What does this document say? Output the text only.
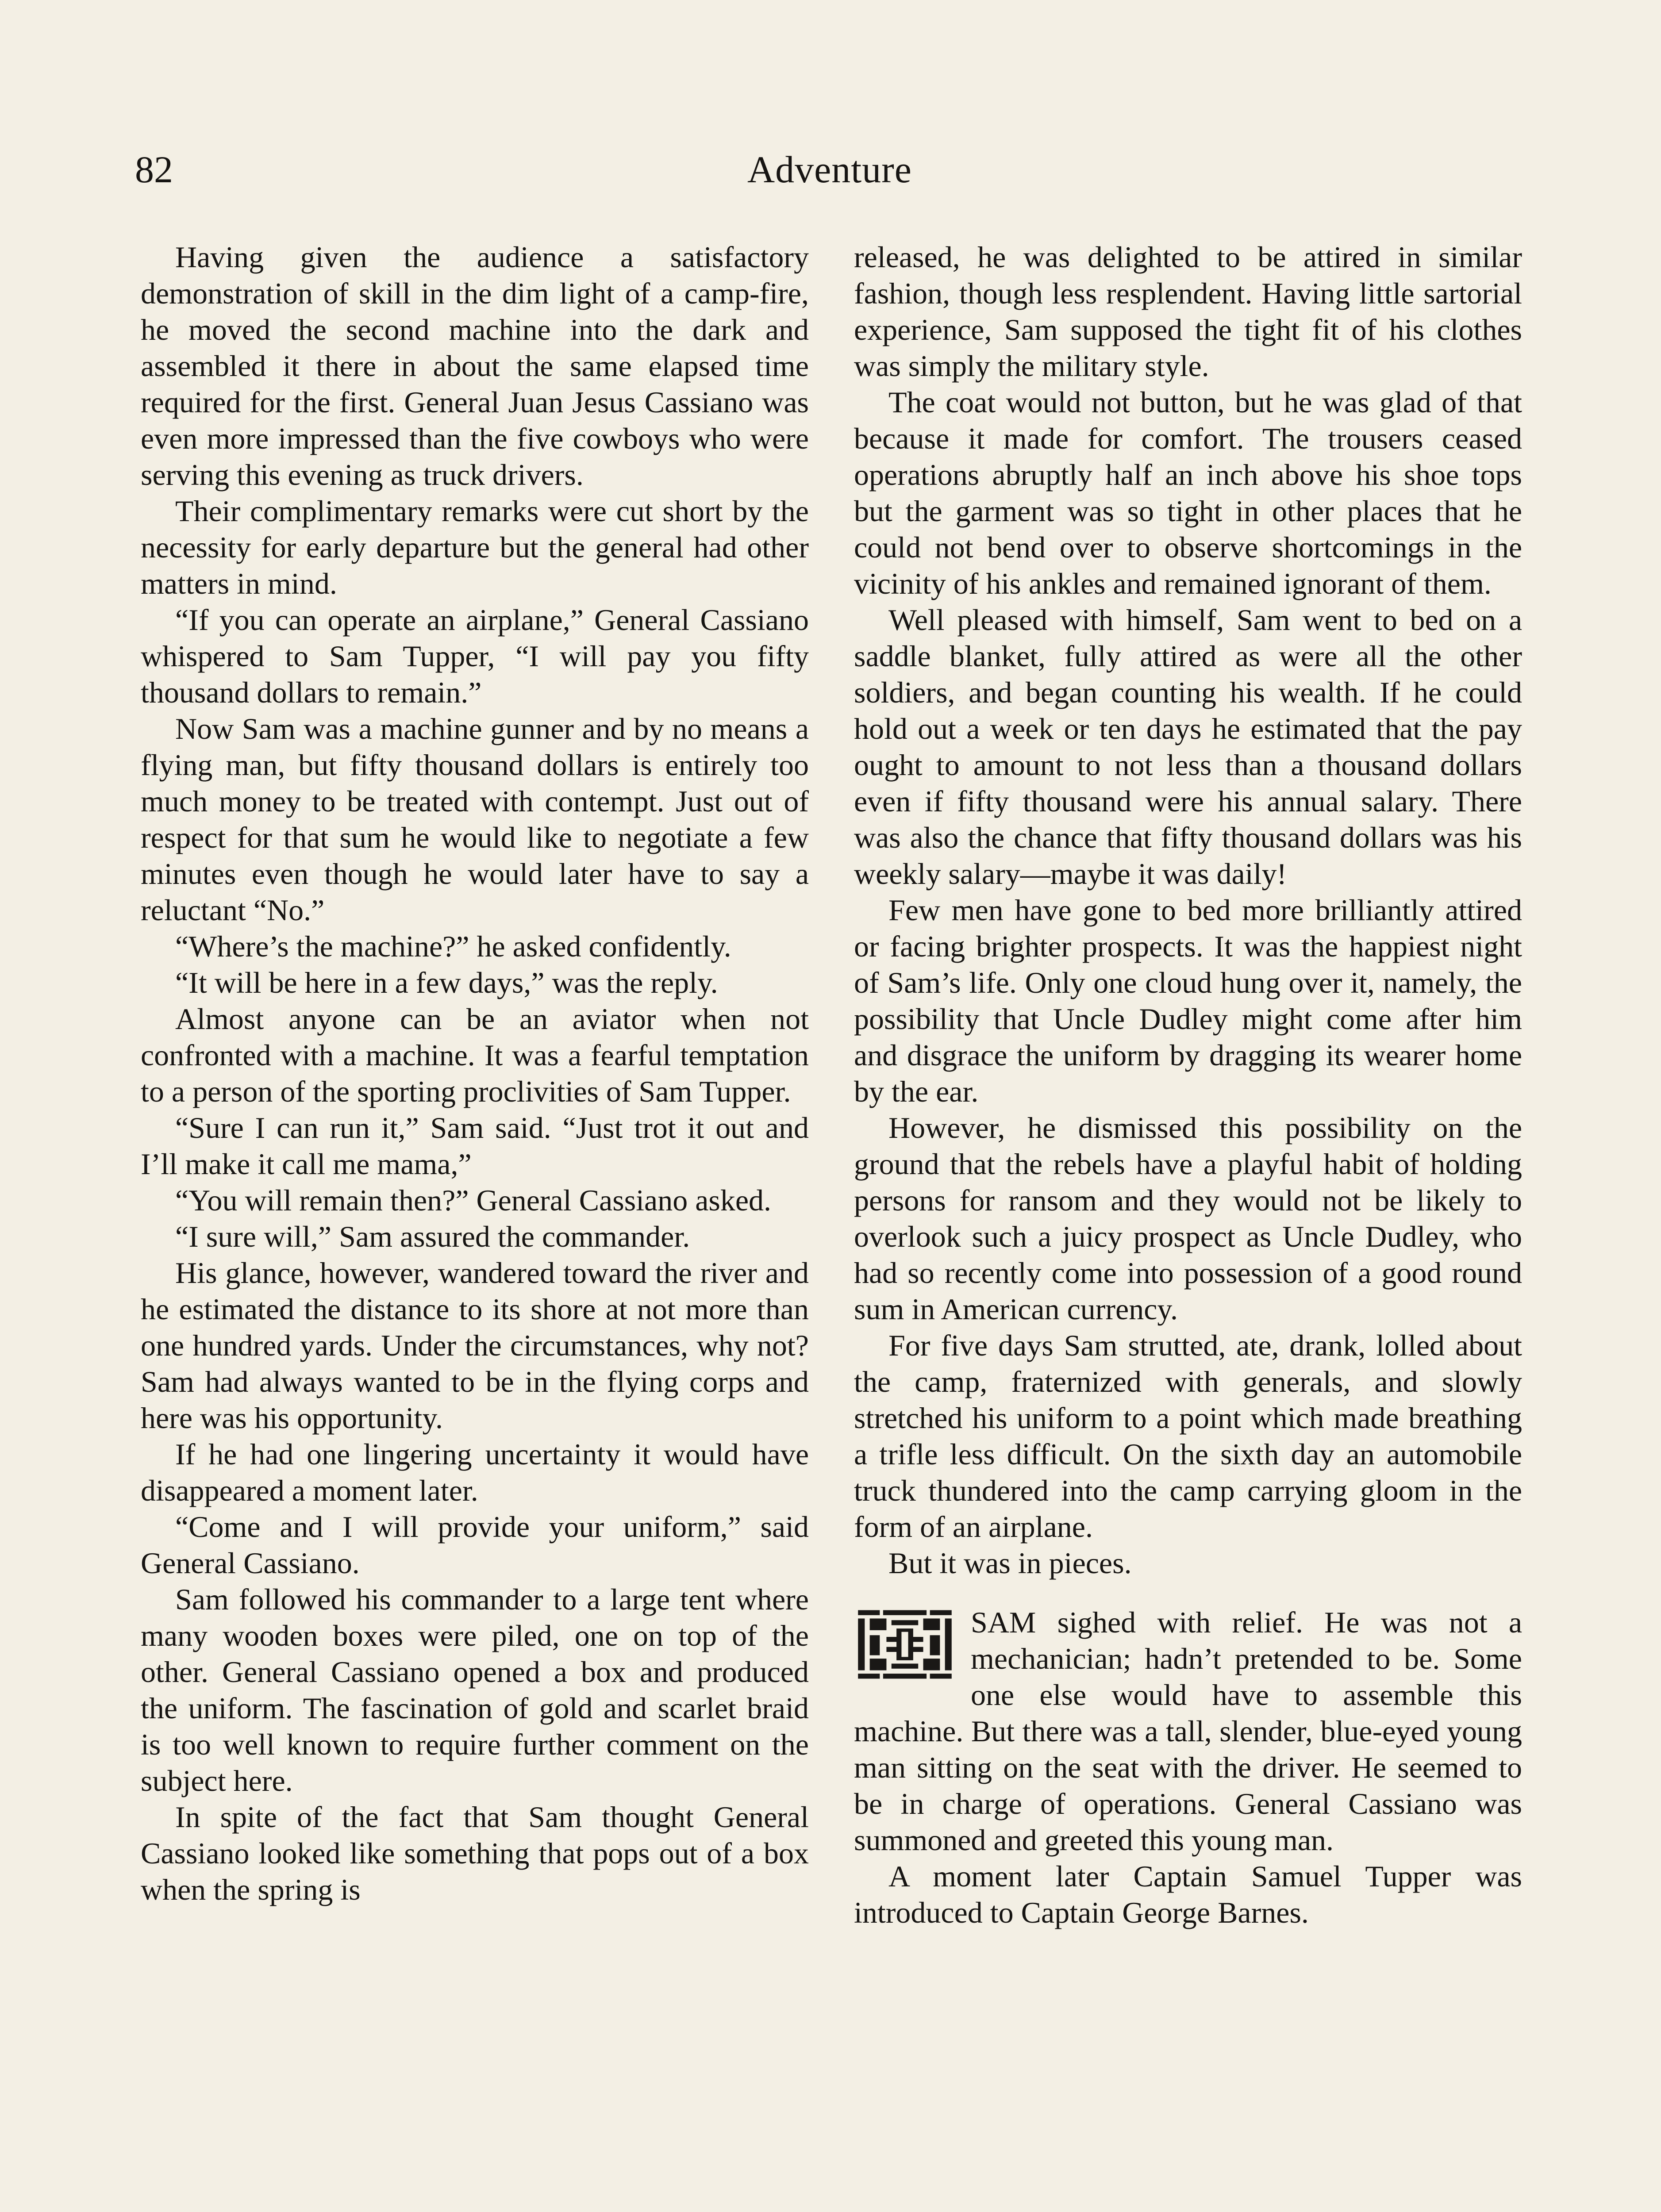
82	Adventure

Having given the audience a satisfactory demonstration of skill in the dim light of a camp-fire, he moved the second machine into the dark and assembled it there in about the same elapsed time required for the first. General Juan Jesus Cassiano was even more impressed than the five cowboys who were serving this evening as truck drivers.

Their complimentary remarks were cut short by the necessity for early departure but the general had other matters in mind.

“If you can operate an airplane,” General Cassiano whispered to Sam Tupper, “I will pay you fifty thousand dollars to remain.”

Now Sam was a machine gunner and by no means a flying man, but fifty thousand dollars is entirely too much money to be treated with contempt. Just out of respect for that sum he would like to negotiate a few minutes even though he would later have to say a reluctant “No.”

“Where’s the machine?” he asked confidently.

“It will be here in a few days,” was the reply.

Almost anyone can be an aviator when not confronted with a machine. It was a fearful temptation to a person of the sporting proclivities of Sam Tupper.

“Sure I can run it,” Sam said. “Just trot it out and I’ll make it call me mama,”

“You will remain then?” General Cassiano asked.

“I sure will,” Sam assured the commander.

His glance, however, wandered toward the river and he estimated the distance to its shore at not more than one hundred yards. Under the circumstances, why not? Sam had always wanted to be in the flying corps and here was his opportunity.

If he had one lingering uncertainty it would have disappeared a moment later.

“Come and I will provide your uniform,” said General Cassiano.

Sam followed his commander to a large tent where many wooden boxes were piled, one on top of the other. General Cassiano opened a box and produced the uniform. The fascination of gold and scarlet braid is too well known to require further comment on the subject here.

In spite of the fact that Sam thought General Cassiano looked like something that pops out of a box when the spring is

released, he was delighted to be attired in similar fashion, though less resplendent. Having little sartorial experience, Sam supposed the tight fit of his clothes was simply the military style.

The coat would not button, but he was glad of that because it made for comfort. The trousers ceased operations abruptly half an inch above his shoe tops but the garment was so tight in other places that he could not bend over to observe shortcomings in the vicinity of his ankles and remained ignorant of them.

Well pleased with himself, Sam went to bed on a saddle blanket, fully attired as were all the other soldiers, and began counting his wealth. If he could hold out a week or ten days he estimated that the pay ought to amount to not less than a thousand dollars even if fifty thousand were his annual salary. There was also the chance that fifty thousand dollars was his weekly salary—maybe it was daily!

Few men have gone to bed more brilliantly attired or facing brighter prospects. It was the happiest night of Sam’s life. Only one cloud hung over it, namely, the possibility that Uncle Dudley might come after him and disgrace the uniform by dragging its wearer home by the ear.

However, he dismissed this possibility on the ground that the rebels have a playful habit of holding persons for ransom and they would not be likely to overlook such a juicy prospect as Uncle Dudley, who had so recently come into possession of a good round sum in American currency.

For five days Sam strutted, ate, drank, lolled about the camp, fraternized with generals, and slowly stretched his uniform to a point which made breathing a trifle less difficult. On the sixth day an automobile truck thundered into the camp carrying gloom in the form of an airplane.

But it was in pieces.

SAM sighed with relief. He was not a mechanician; hadn’t pretended to be. Some one else would have to assemble this machine. But there was a tall, slender, blue-eyed young man sitting on the seat with the driver. He seemed to be in charge of operations. General Cassiano was summoned and greeted this young man.

A moment later Captain Samuel Tupper was introduced to Captain George Barnes.
